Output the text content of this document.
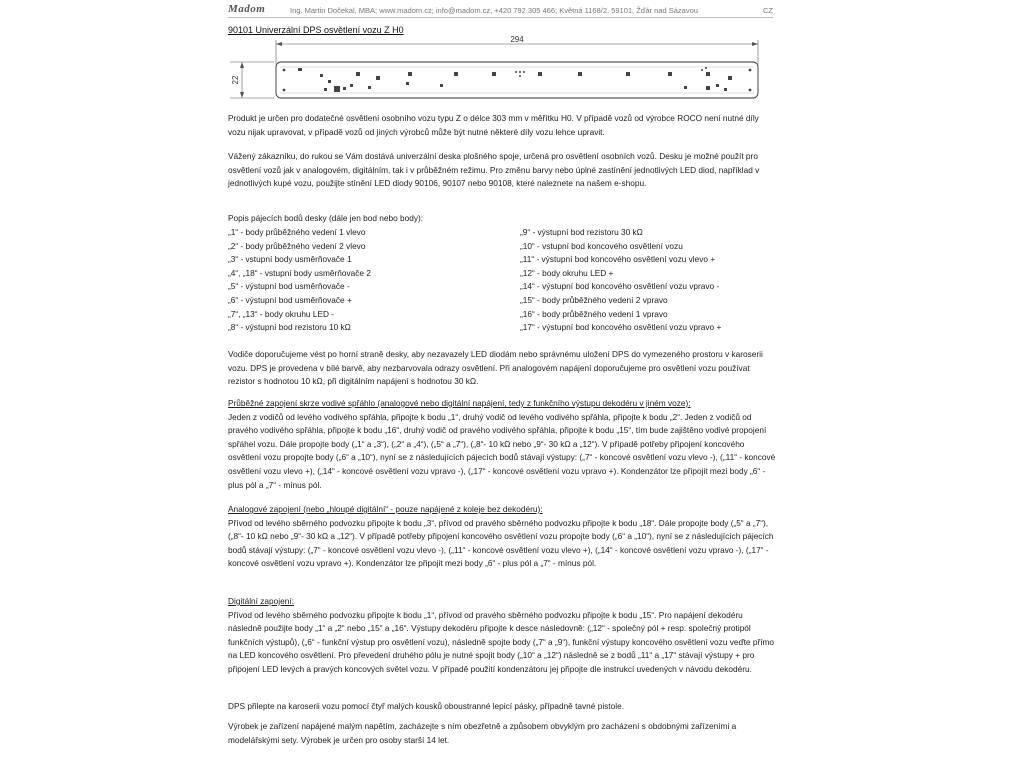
Madom	Ing. Martin Dočekal, MBA; www.madom.cz; info@madom.cz, +420 792 305 466; Květná 1168/2, 59101, Žďár nad Sázavou	CZ
90101 Univerzální DPS osvětlení vozu Z H0
294
22

Produkt je určen pro dodatečné osvětlení osobního vozu typu Z o délce 303 mm v měřítku H0. V případě vozů od výrobce ROCO není nutné díly vozu nijak upravovat, v případě vozů od jiných výrobců může být nutné některé díly vozu lehce upravit.

Vážený zákazníku, do rukou se Vám dostává univerzální deska plošného spoje, určená pro osvětlení osobních vozů. Desku je možné použít pro osvětlení vozů jak v analogovém, digitálním, tak i v průběžném režimu. Pro změnu barvy nebo úplné zastínění jednotlivých LED diod, například v jednotlivých kupé vozu, použijte stínění LED diody 90106, 90107 nebo 90108, které naleznete na našem e-shopu.

Popis pájecích bodů desky (dále jen bod nebo body):

„1“ - body průběžného vedení 1 vlevo
„2“ - body průběžného vedení 2 vlevo
„3“ - vstupní body usměrňovače 1
„4“, „18“ - vstupní body usměrňovače 2
„5“ - výstupní bod usměrňovače -
„6“ - výstupní bod usměrňovače +
„7“, „13“ - body okruhu LED -
„8“ - výstupní bod rezistoru 10 kΩ
„9“ - výstupní bod rezistoru 30 kΩ
„10“ - vstupní bod koncového osvětlení vozu
„11“ - výstupní bod koncového osvětlení vozu vlevo +
„12“ - body okruhu LED +
„14“ - výstupní bod koncového osvětlení vozu vpravo -
„15“ - body průběžného vedení 2 vpravo
„16“ - body průběžného vedení 1 vpravo
„17“ - výstupní bod koncového osvětlení vozu vpravo +

Vodiče doporučujeme vést po horní straně desky, aby nezavazely LED diodám nebo správnému uložení DPS do vymezeného prostoru v karoserii vozu. DPS je provedena v bílé barvě, aby nezbarvovala odrazy osvětlení. Při analogovém napájení doporučujeme pro osvětlení vozu používat rezistor s hodnotou 10 kΩ, při digitálním napájení s hodnotou 30 kΩ.

Průběžné zapojení skrze vodivé spřáhlo (analogové nebo digitální napájení, tedy z funkčního výstupu dekodéru v jiném voze):

Jeden z vodičů od levého vodivého spřáhla, připojte k bodu „1“, druhý vodič od levého vodivého spřáhla, připojte k bodu „2“. Jeden z vodičů od pravého vodivého spřáhla, připojte k bodu „16“, druhý vodič od pravého vodivého spřáhla, připojte k bodu „15“, tím bude zajištěno vodivé propojení spřáhel vozu. Dále propojte body („1“ a „3“), („2“ a „4“), („5“ a „7“), („8“- 10 kΩ nebo „9“- 30 kΩ a „12“). V případě potřeby připojení koncového osvětlení vozu propojte body („6“ a „10“), nyní se z následujících pájecích bodů stávají výstupy: („7“ - koncové osvětlení vozu vlevo -), („11“ - koncové osvětlení vozu vlevo +), („14“ - koncové osvětlení vozu vpravo -), („17“ - koncové osvětlení vozu vpravo +). Kondenzátor lze připojit mezi body „6“ - plus pól a „7“ - mínus pól.

Analogové zapojení (nebo „hloupé digitální“ - pouze napájené z koleje bez dekodéru):

Přívod od levého sběrného podvozku připojte k bodu „3“, přívod od pravého sběrného podvozku připojte k bodu „18“. Dále propojte body („5“ a „7“), („8“- 10 kΩ nebo „9“- 30 kΩ a „12“). V případě potřeby připojení koncového osvětlení vozu propojte body („6“ a „10“), nyní se z následujících pájecích bodů stávají výstupy: („7“ - koncové osvětlení vozu vlevo -), („11“ - koncové osvětlení vozu vlevo +), („14“ - koncové osvětlení vozu vpravo -), („17“ - koncové osvětlení vozu vpravo +). Kondenzátor lze připojit mezi body „6“ - plus pól a „7“ - mínus pól.

Digitální zapojení:

Přívod od levého sběrného podvozku připojte k bodu „1“, přívod od pravého sběrného podvozku připojte k bodu „15“. Pro napájení dekodéru následně použijte body „1“ a „2“ nebo „15“ a „16“. Výstupy dekodéru připojte k desce následovně: („12“ - společný pól + resp. společný protipól funkčních výstupů), („6“ - funkční výstup pro osvětlení vozu), následně spojte body („7“ a „9“), funkční výstupy koncového osvětlení vozu veďte přímo na LED koncového osvětlení. Pro převedení druhého pólu je nutné spojit body („10“ a „12“) následně se z bodů „11“ a „17“ stávají výstupy + pro připojení LED levých a pravých koncových světel vozu. V případě použití kondenzátoru jej připojte dle instrukcí uvedených v návodu dekodéru.

DPS přilepte na karoserii vozu pomocí čtyř malých kousků oboustranné lepicí pásky, případně tavné pistole.

Výrobek je zařízení napájené malým napětím, zacházejte s ním obezřetně a způsobem obvyklým pro zacházení s obdobnými zařízeními a modelářskými sety. Výrobek je určen pro osoby starší 14 let.
